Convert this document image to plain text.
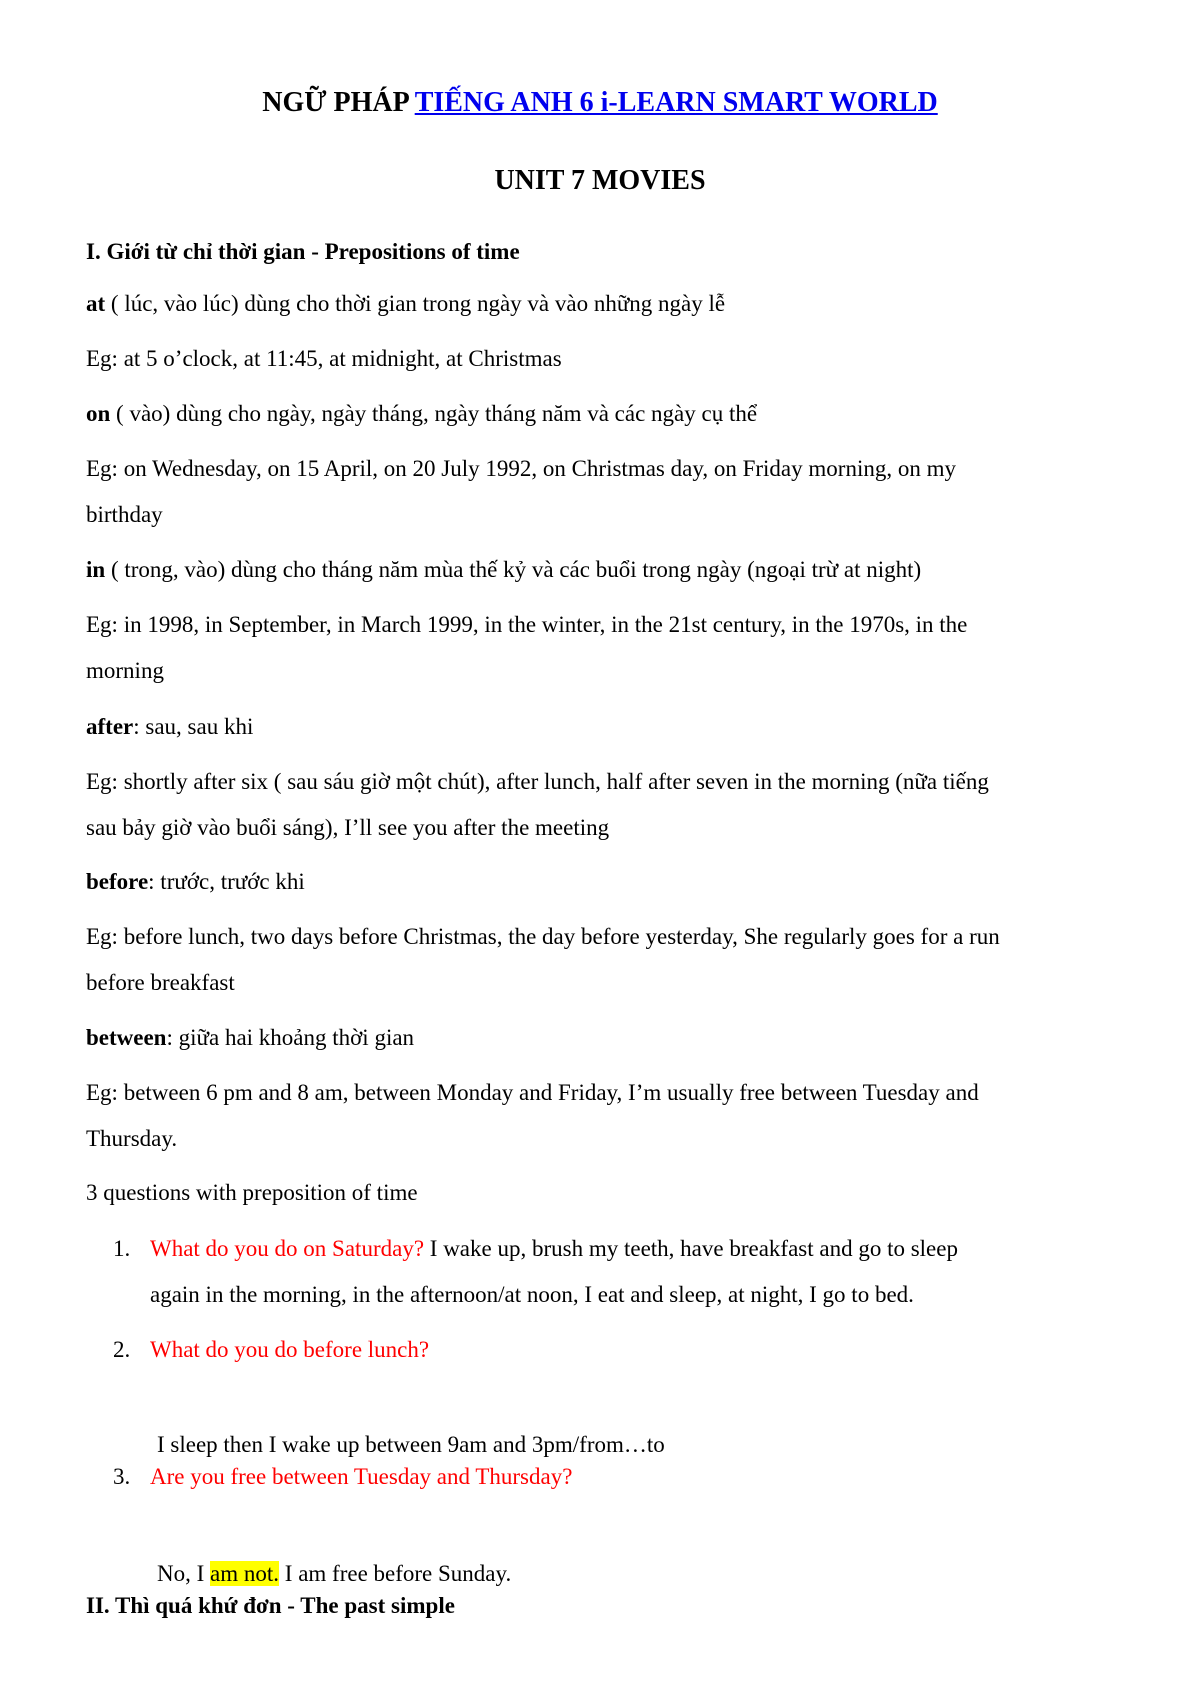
NGỮ PHÁP TIẾNG ANH 6 i-LEARN SMART WORLD
UNIT 7 MOVIES

I. Giới từ chỉ thời gian - Prepositions of time

at ( lúc, vào lúc) dùng cho thời gian trong ngày và vào những ngày lễ

Eg: at 5 o’clock, at 11:45, at midnight, at Christmas

on ( vào) dùng cho ngày, ngày tháng, ngày tháng năm và các ngày cụ thể

Eg: on Wednesday, on 15 April, on 20 July 1992, on Christmas day, on Friday morning, on my
birthday

in ( trong, vào) dùng cho tháng năm mùa thế kỷ và các buổi trong ngày (ngoại trừ at night)

Eg: in 1998, in September, in March 1999, in the winter, in the 21st century, in the 1970s, in the
morning

after: sau, sau khi

Eg: shortly after six ( sau sáu giờ một chút), after lunch, half after seven in the morning (nữa tiếng
sau bảy giờ vào buổi sáng), I’ll see you after the meeting

before: trước, trước khi

Eg: before lunch, two days before Christmas, the day before yesterday, She regularly goes for a run
before breakfast

between: giữa hai khoảng thời gian

Eg: between 6 pm and 8 am, between Monday and Friday, I’m usually free between Tuesday and
Thursday.

3 questions with preposition of time

1. What do you do on Saturday? I wake up, brush my teeth, have breakfast and go to sleep
again in the morning, in the afternoon/at noon, I eat and sleep, at night, I go to bed.
2. What do you do before lunch?

I sleep then I wake up between 9am and 3pm/from…to

3. Are you free between Tuesday and Thursday?

No, I am not. I am free before Sunday.

II. Thì quá khứ đơn - The past simple
